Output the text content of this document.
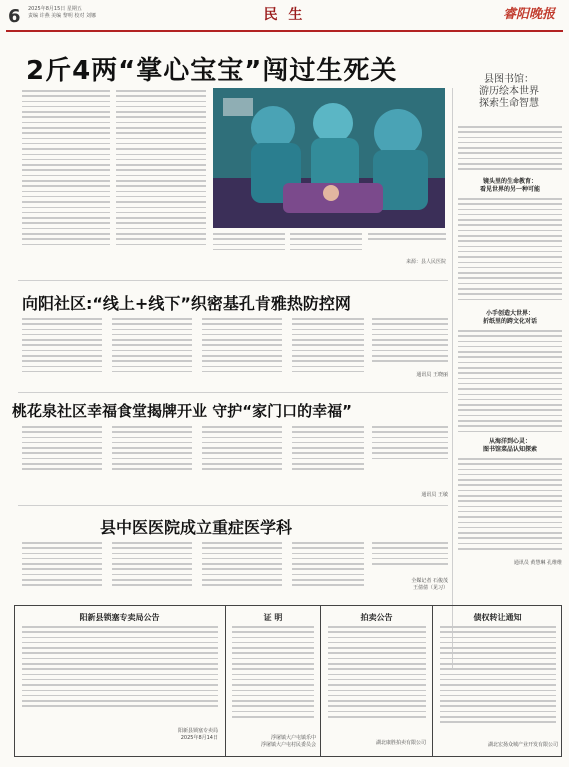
6 2025年8月15日 星期五
责编 许燕 美编 黎明 校对 刘娜	民 生	睿阳晚报
2斤4两“掌心宝宝”闯过生死关
来源：县人民医院
县图书馆：
游历绘本世界
探索生命智慧
镜头里的生命教育：
看见世界的另一种可能
小手创造大世界：
折纸里的跨文化对话
从海洋到心灵：
图书馆菜品认知探索
通讯员 黄慧琳 孔维维
向阳社区:“线上+线下”织密基孔肯雅热防控网
通讯员 王晓丽
桃花泉社区幸福食堂揭牌开业 守护“家门口的幸福”
通讯员 王敏
县中医医院成立重症医学科
全媒记者 石俊茂
王倩倩（见习）
阳新县锁塞专卖局公告
阳新县锁塞专卖局
2025年8月14日
证 明
浮屠镇大户屯镇乐中
浮屠镇大户屯村民委员会
拍卖公告
湖北康胜拍卖有限公司
债权转让通知
湖北宏扬众城产业开发有限公司
